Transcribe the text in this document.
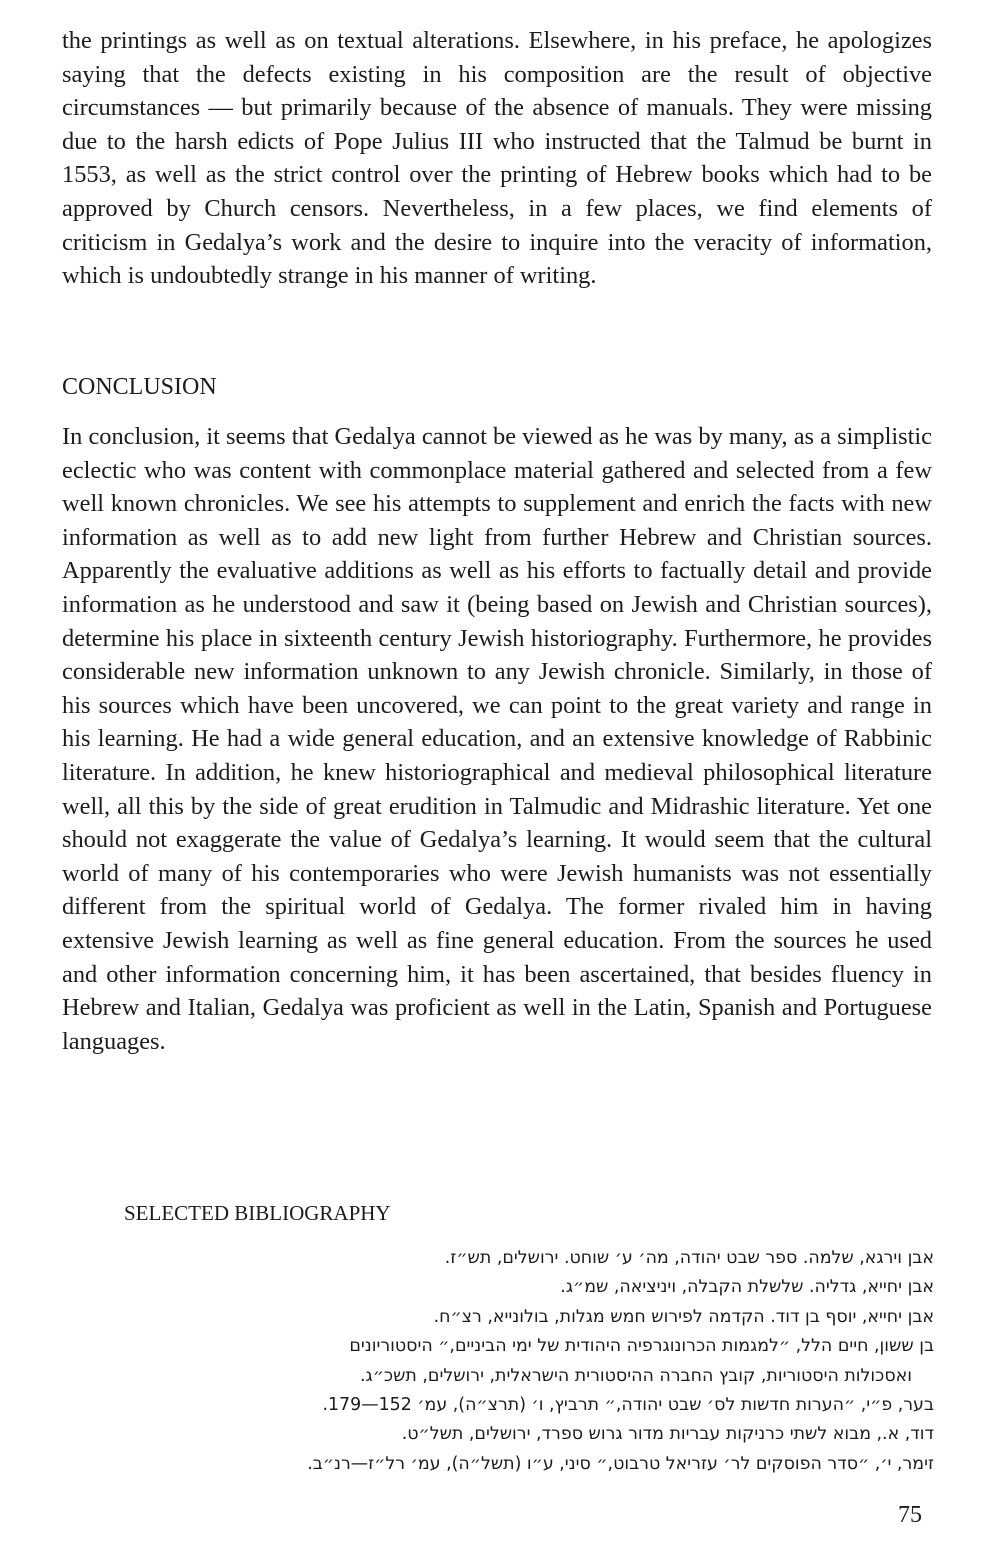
the printings as well as on textual alterations. Elsewhere, in his preface, he apologizes saying that the defects existing in his composition are the result of objective circumstances — but primarily because of the absence of manuals. They were missing due to the harsh edicts of Pope Julius III who instructed that the Talmud be burnt in 1553, as well as the strict control over the printing of Hebrew books which had to be approved by Church censors. Nevertheless, in a few places, we find elements of criticism in Gedalya’s work and the desire to inquire into the veracity of information, which is undoubtedly strange in his manner of writing.

CONCLUSION

In conclusion, it seems that Gedalya cannot be viewed as he was by many, as a simplistic eclectic who was content with commonplace material gathered and selected from a few well known chronicles. We see his attempts to supplement and enrich the facts with new information as well as to add new light from further Hebrew and Christian sources. Apparently the evaluative additions as well as his efforts to factually detail and provide information as he understood and saw it (being based on Jewish and Christian sources), determine his place in sixteenth century Jewish historiography. Furthermore, he provides considerable new information unknown to any Jewish chronicle. Similarly, in those of his sources which have been uncovered, we can point to the great variety and range in his learning. He had a wide general education, and an extensive knowledge of Rabbinic literature. In addition, he knew historiographical and medieval philosophical literature well, all this by the side of great erudition in Talmudic and Midrashic literature. Yet one should not exaggerate the value of Gedalya’s learning. It would seem that the cultural world of many of his contemporaries who were Jewish humanists was not essentially different from the spiritual world of Gedalya. The former rivaled him in having extensive Jewish learning as well as fine general education. From the sources he used and other information concerning him, it has been ascertained, that besides fluency in Hebrew and Italian, Gedalya was proficient as well in the Latin, Spanish and Portuguese languages.

SELECTED BIBLIOGRAPHY
אבן וירגא, שלמה. ספר שבט יהודה, מה׳ ע׳ שוחט. ירושלים, תש״ז.
אבן יחייא, גדליה. שלשלת הקבלה, ויניציאה, שמ״ג.
אבן יחייא, יוסף בן דוד. הקדמה לפירוש חמש מגלות, בולונייא, רצ״ח.
בן ששון, חיים הלל, ״למגמות הכרונוגרפיה היהודית של ימי הביניים,״ היסטוריונים
ואסכולות היסטוריות, קובץ החברה ההיסטורית הישראלית, ירושלים, תשכ״ג.
בער, פ״י, ״הערות חדשות לס׳ שבט יהודה,״ תרביץ, ו׳ (תרצ״ה), עמ׳ 152—179.
דוד, א., מבוא לשתי כרניקות עבריות מדור גרוש ספרד, ירושלים, תשל״ט.
זימר, י׳, ״סדר הפוסקים לר׳ עזריאל טרבוט,״ סיני, ע״ו (תשל״ה), עמ׳ רל״ז—רנ״ב.
75
